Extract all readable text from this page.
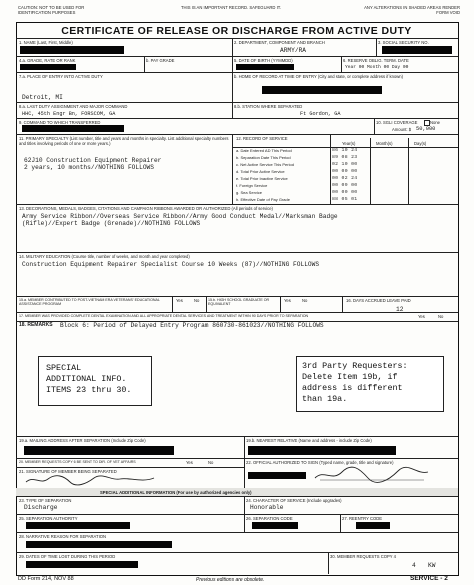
CAUTION: NOT TO BE USED FOR IDENTIFICATION PURPOSES
THIS IS AN IMPORTANT RECORD. SAFEGUARD IT.	ANY ALTERATIONS IN SHADED AREAS RENDER FORM VOID
CERTIFICATE OF RELEASE OR DISCHARGE FROM ACTIVE DUTY
1. NAME (Last, First, Middle)	2. DEPARTMENT, COMPONENT AND BRANCH	3. SOCIAL SECURITY NO.
ARMY/RA
4.a. GRADE, RATE OR RANK	b. PAY GRADE	5. DATE OF BIRTH (YYMMDD)	6. RESERVE OBLIG. TERM. DATE
Year 00 Month 00 Day 00
7.a. PLACE OF ENTRY INTO ACTIVE DUTY	b. HOME OF RECORD AT TIME OF ENTRY (City and state, or complete address if known)
Detroit, MI
8.a. LAST DUTY ASSIGNMENT AND MAJOR COMMAND	8.b. STATION WHERE SEPARATED
HHC, 45th Engr Bn, FORSCOM, GA	Ft Gordon, GA
9. COMMAND TO WHICH TRANSFERRED	10. SGLI COVERAGE	None
Amount: $ 50,000
11. PRIMARY SPECIALTY (List number, title and years and months in specialty. List additional specialty numbers and titles involving periods of one or more years.)
62J10 Construction Equipment Repairer
2 years, 10 months//NOTHING FOLLOWS
12. RECORD OF SERVICE
Year(s)	Month(s)	Day(s)
a. Date Entered AD This Period	86 10 24
b. Separation Date This Period	89 08 23
c. Net Active Service This Period	02 10 00
d. Total Prior Active Service	00 00 00
e. Total Prior Inactive Service	00 02 24
f. Foreign Service	00 09 00
g. Sea Service	00 00 00
h. Effective Date of Pay Grade	88 05 01
13. DECORATIONS, MEDALS, BADGES, CITATIONS AND CAMPAIGN RIBBONS AWARDED OR AUTHORIZED (All periods of service)
Army Service Ribbon//Overseas Service Ribbon//Army Good Conduct Medal//Marksman Badge
(Rifle)//Expert Badge (Grenade)//NOTHING FOLLOWS
14. MILITARY EDUCATION (Course title, number of weeks, and month and year completed)
Construction Equipment Repairer Specialist Course 10 Weeks (87)//NOTHING FOLLOWS
15.a. MEMBER CONTRIBUTED TO POST-VIETNAM ERA VETERANS' EDUCATIONAL ASSISTANCE PROGRAM
Yes	No 15.b. HIGH SCHOOL GRADUATE OR EQUIVALENT
Yes	No	16. DAYS ACCRUED LEAVE PAID
12
17. MEMBER WAS PROVIDED COMPLETE DENTAL EXAMINATION AND ALL APPROPRIATE DENTAL SERVICES AND TREATMENT WITHIN 90 DAYS PRIOR TO SEPARATION	Yes	No
18. REMARKS Block 6: Period of Delayed Entry Program 860730-861023//NOTHING FOLLOWS
SPECIAL
ADDITIONAL INFO.
ITEMS 23 thru 30.
3rd Party Requesters:
Delete Item 19b, if
address is different
than 19a.
19.a. MAILING ADDRESS AFTER SEPARATION (Include Zip Code)	19.b. NEAREST RELATIVE (Name and address - include Zip Code)
20. MEMBER REQUESTS COPY 6 BE SENT TO DIR. OF VET AFFAIRS	Yes	No	22. OFFICIAL AUTHORIZED TO SIGN (Typed name, grade, title and signature)
21. SIGNATURE OF MEMBER BEING SEPARATED
SPECIAL ADDITIONAL INFORMATION (For use by authorized agencies only)
23. TYPE OF SEPARATION	24. CHARACTER OF SERVICE (Include upgrades)
Discharge	Honorable
25. SEPARATION AUTHORITY	26. SEPARATION CODE	27. REENTRY CODE
28. NARRATIVE REASON FOR SEPARATION
29. DATES OF TIME LOST DURING THIS PERIOD	30. MEMBER REQUESTS COPY 4
4 KW
DD Form 214, NOV 88	Previous editions are obsolete.	SERVICE - 2
